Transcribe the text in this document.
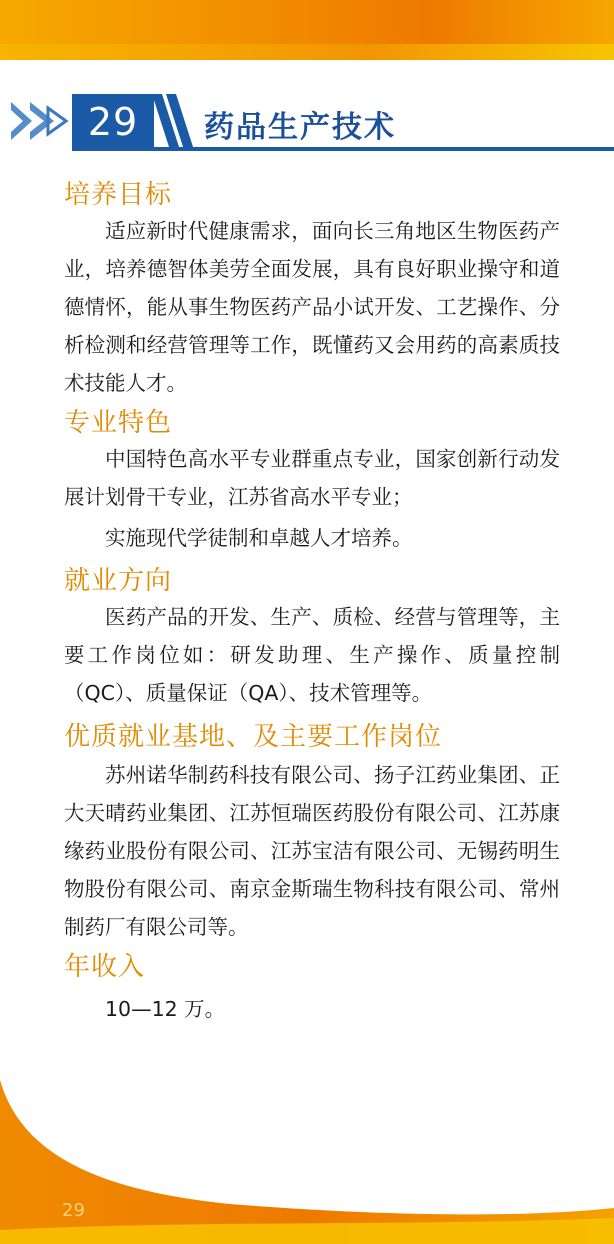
29	药品生产技术
培养目标
适应新时代健康需求，面向长三角地区生物医药产业，培养德智体美劳全面发展，具有良好职业操守和道德情怀，能从事生物医药产品小试开发、工艺操作、分析检测和经营管理等工作，既懂药又会用药的高素质技术技能人才。
专业特色
中国特色高水平专业群重点专业，国家创新行动发展计划骨干专业，江苏省高水平专业；
实施现代学徒制和卓越人才培养。
就业方向
医药产品的开发、生产、质检、经营与管理等，主要工作岗位如：研发助理、生产操作、质量控制（QC）、质量保证（QA）、技术管理等。
优质就业基地、及主要工作岗位
苏州诺华制药科技有限公司、扬子江药业集团、正大天晴药业集团、江苏恒瑞医药股份有限公司、江苏康缘药业股份有限公司、江苏宝洁有限公司、无锡药明生物股份有限公司、南京金斯瑞生物科技有限公司、常州制药厂有限公司等。
年收入
10—12 万。
29
